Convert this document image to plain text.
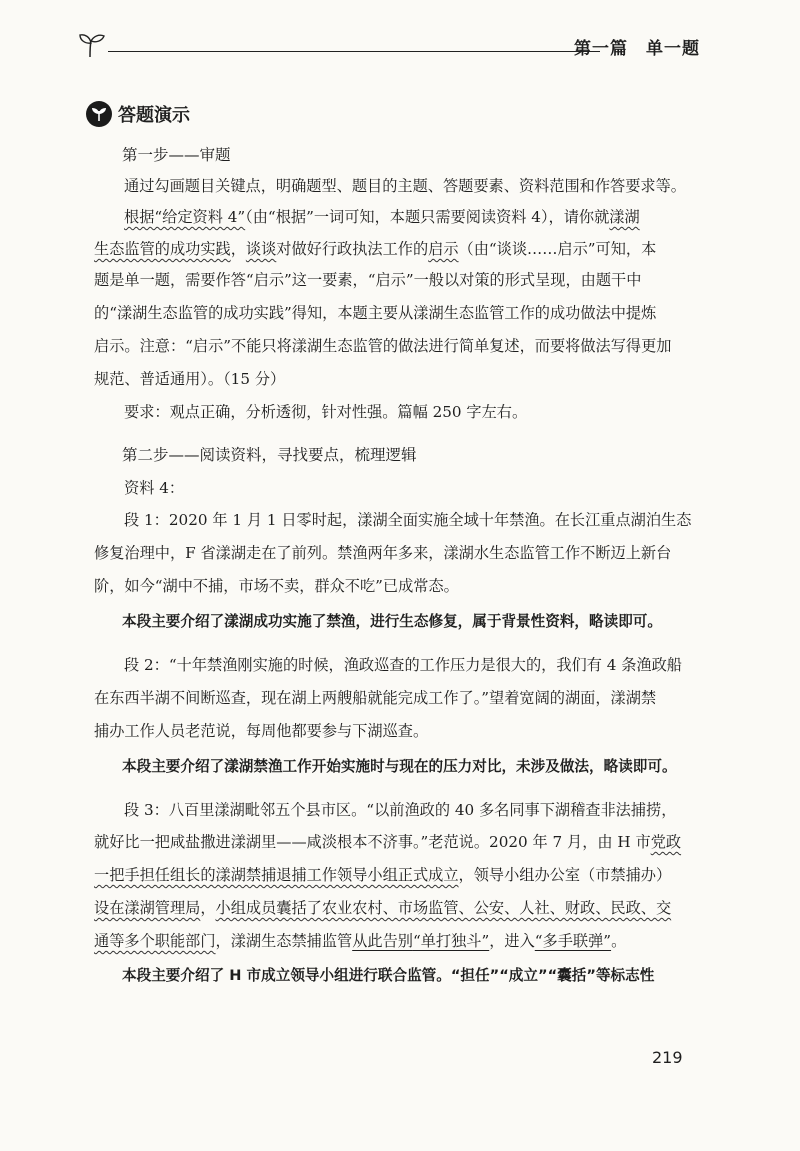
第一篇　单一题
答题演示
第一步——审题
通过勾画题目关键点，明确题型、题目的主题、答题要素、资料范围和作答要求等。
根据“给定资料 4”（由“根据”一词可知，本题只需要阅读资料 4），请你就漾湖
生态监管的成功实践，谈谈对做好行政执法工作的启示（由“谈谈……启示”可知，本
题是单一题，需要作答“启示”这一要素，“启示”一般以对策的形式呈现，由题干中
的“漾湖生态监管的成功实践”得知，本题主要从漾湖生态监管工作的成功做法中提炼
启示。注意：“启示”不能只将漾湖生态监管的做法进行简单复述，而要将做法写得更加
规范、普适通用）。（15 分）
要求：观点正确，分析透彻，针对性强。篇幅 250 字左右。
第二步——阅读资料，寻找要点，梳理逻辑
资料 4：
段 1：2020 年 1 月 1 日零时起，漾湖全面实施全域十年禁渔。在长江重点湖泊生态
修复治理中，F 省漾湖走在了前列。禁渔两年多来，漾湖水生态监管工作不断迈上新台
阶，如今“湖中不捕，市场不卖，群众不吃”已成常态。
本段主要介绍了漾湖成功实施了禁渔，进行生态修复，属于背景性资料，略读即可。
段 2：“十年禁渔刚实施的时候，渔政巡查的工作压力是很大的，我们有 4 条渔政船
在东西半湖不间断巡查，现在湖上两艘船就能完成工作了。”望着宽阔的湖面，漾湖禁
捕办工作人员老范说，每周他都要参与下湖巡查。
本段主要介绍了漾湖禁渔工作开始实施时与现在的压力对比，未涉及做法，略读即可。
段 3：八百里漾湖毗邻五个县市区。“以前渔政的 40 多名同事下湖稽查非法捕捞，
就好比一把咸盐撒进漾湖里——咸淡根本不济事。”老范说。2020 年 7 月，由 H 市党政
一把手担任组长的漾湖禁捕退捕工作领导小组正式成立，领导小组办公室（市禁捕办）
设在漾湖管理局，小组成员囊括了农业农村、市场监管、公安、人社、财政、民政、交
通等多个职能部门，漾湖生态禁捕监管从此告别“单打独斗”，进入“多手联弹”。
本段主要介绍了 H 市成立领导小组进行联合监管。“担任”“成立”“囊括”等标志性
219
